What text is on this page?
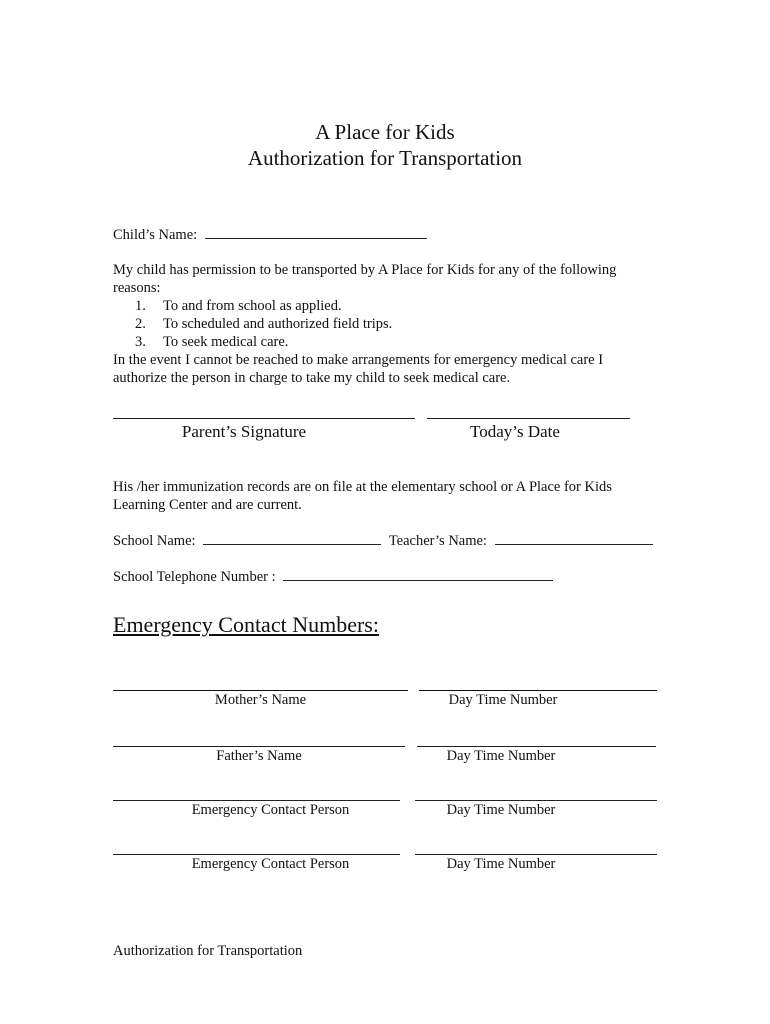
A Place for Kids
Authorization for Transportation
Child’s Name:
My child has permission to be transported by A Place for Kids for any of the following reasons:
1. To and from school as applied.
2. To scheduled and authorized field trips.
3. To seek medical care.
In the event I cannot be reached to make arrangements for emergency medical care I authorize the person in charge to take my child to seek medical care.
Parent’s Signature	Today’s Date
His /her immunization records are on file at the elementary school or A Place for Kids Learning Center and are current.
School Name:	Teacher’s Name:
School Telephone Number :
Emergency Contact Numbers:
Mother’s Name	Day Time Number
Father’s Name	Day Time Number
Emergency Contact Person	Day Time Number
Emergency Contact Person	Day Time Number
Authorization for Transportation
